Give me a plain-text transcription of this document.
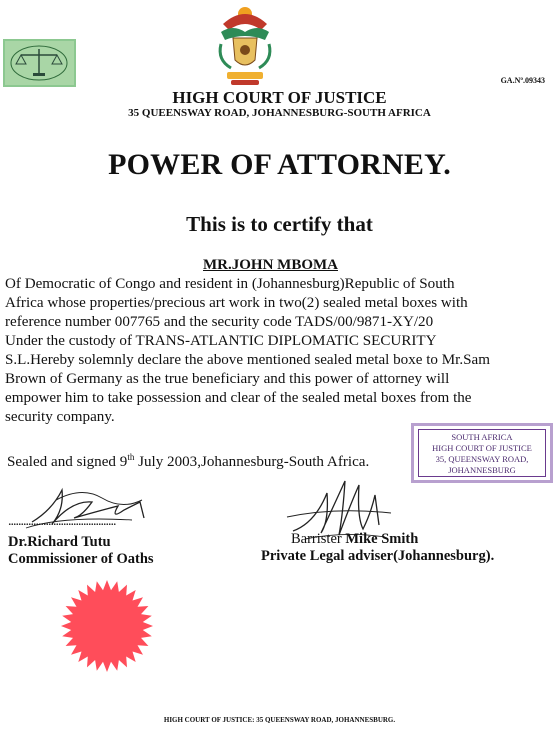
GA.Nº.09343
HIGH COURT OF JUSTICE
35 QUEENSWAY ROAD, JOHANNESBURG-SOUTH AFRICA
POWER OF ATTORNEY.
This is to certify that
MR.JOHN MBOMA
Of Democratic of Congo and resident in (Johannesburg)Republic of South
Africa whose properties/precious art work in two(2) sealed metal boxes with
reference number 007765 and the security code TADS/00/9871-XY/20
Under the custody of TRANS-ATLANTIC DIPLOMATIC SECURITY
S.L.Hereby solemnly declare the above mentioned sealed metal boxe to Mr.Sam
Brown of Germany as the true beneficiary and this power of attorney will
empower him to take possession and clear of the sealed metal boxes from the
security company.
SOUTH AFRICA
HIGH COURT OF JUSTICE
35, QUEENSWAY ROAD,
JOHANNESBURG
Sealed and signed 9th July 2003,Johannesburg-South Africa.
...........................................
Dr.Richard Tutu
Commissioner of Oaths
Barrister Mike Smith
Private Legal adviser(Johannesburg).
HIGH COURT OF JUSTICE: 35 QUEENSWAY ROAD, JOHANNESBURG.
